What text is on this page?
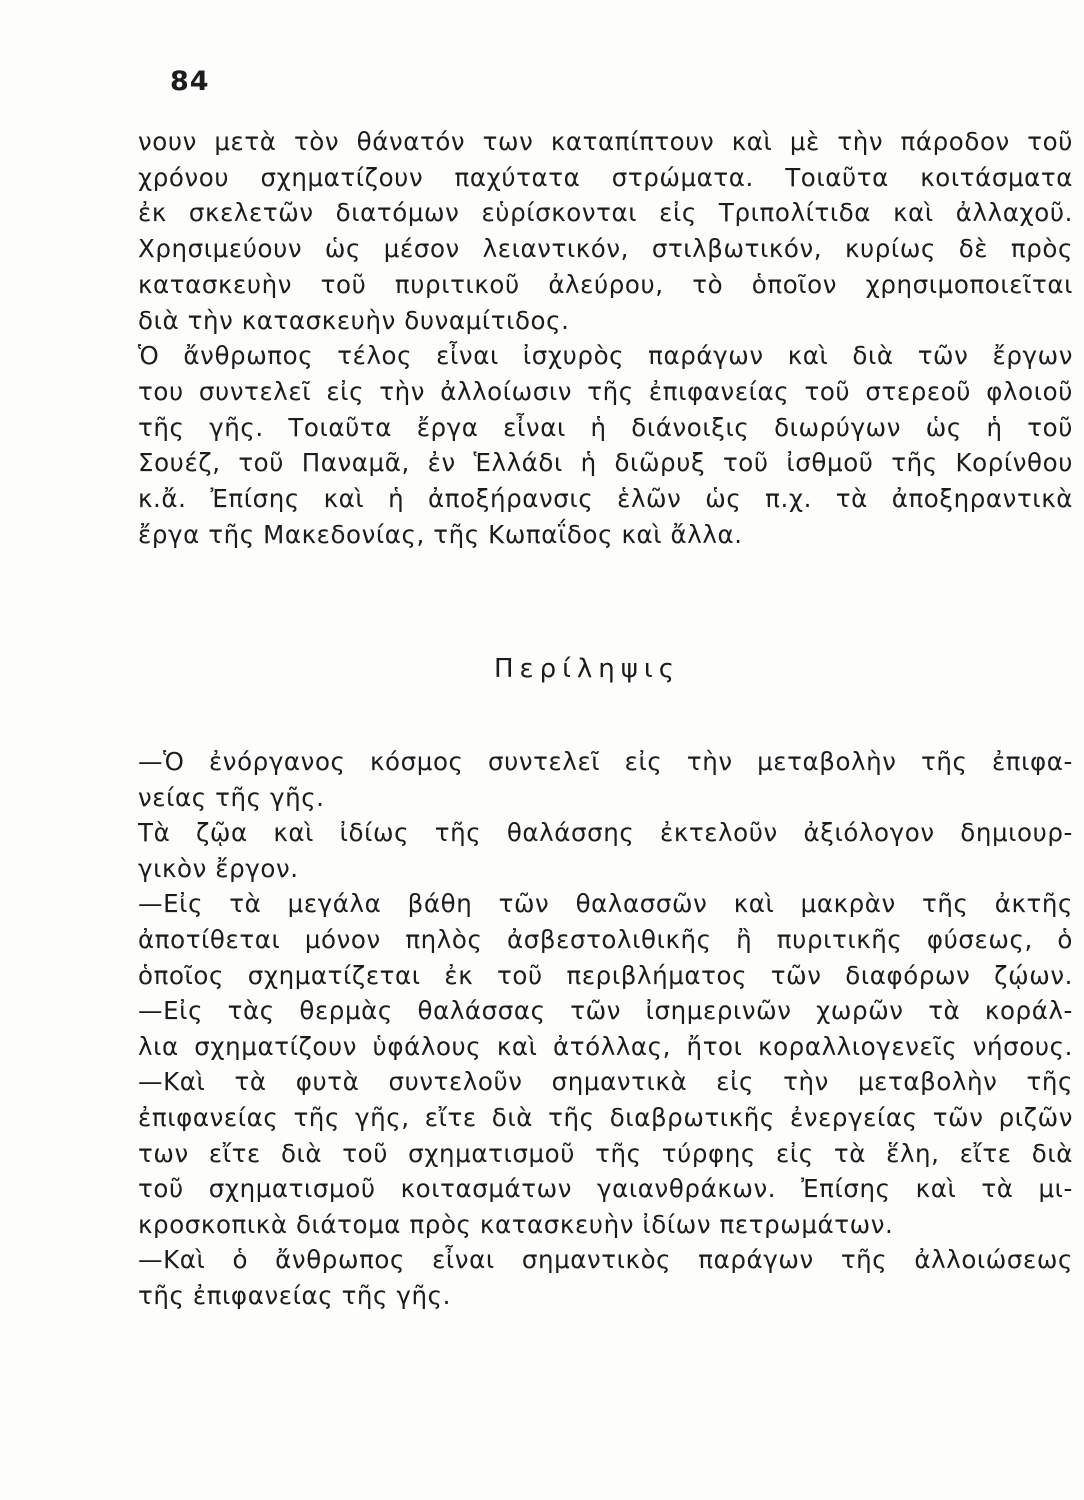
84
νουν μετὰ τὸν θάνατόν των καταπίπτουν καὶ μὲ τὴν πάροδον τοῦ
χρόνου σχηματίζουν παχύτατα στρώματα. Τοιαῦτα κοιτάσματα
ἐκ σκελετῶν διατόμων εὑρίσκονται εἰς Τριπολίτιδα καὶ ἀλλαχοῦ.
Χρησιμεύουν ὡς μέσον λειαντικόν, στιλβωτικόν, κυρίως δὲ πρὸς
κατασκευὴν τοῦ πυριτικοῦ ἀλεύρου, τὸ ὁποῖον χρησιμοποιεῖται
διὰ τὴν κατασκευὴν δυναμίτιδος.
Ὁ ἄνθρωπος τέλος εἶναι ἰσχυρὸς παράγων καὶ διὰ τῶν ἔργων
του συντελεῖ εἰς τὴν ἀλλοίωσιν τῆς ἐπιφανείας τοῦ στερεοῦ φλοιοῦ
τῆς γῆς. Τοιαῦτα ἔργα εἶναι ἡ διάνοιξις διωρύγων ὡς ἡ τοῦ
Σουέζ, τοῦ Παναμᾶ, ἐν Ἑλλάδι ἡ διῶρυξ τοῦ ἰσθμοῦ τῆς Κορίνθου
κ.ἄ. Ἐπίσης καὶ ἡ ἀποξήρανσις ἑλῶν ὡς π.χ. τὰ ἀποξηραντικὰ
ἔργα τῆς Μακεδονίας, τῆς Κωπαΐδος καὶ ἄλλα.
Περίληψις
—Ὁ ἐνόργανος κόσμος συντελεῖ εἰς τὴν μεταβολὴν τῆς ἐπιφα-
νείας τῆς γῆς.
Τὰ ζῷα καὶ ἰδίως τῆς θαλάσσης ἐκτελοῦν ἀξιόλογον δημιουρ-
γικὸν ἔργον.
—Εἰς τὰ μεγάλα βάθη τῶν θαλασσῶν καὶ μακρὰν τῆς ἀκτῆς
ἀποτίθεται μόνον πηλὸς ἀσβεστολιθικῆς ἢ πυριτικῆς φύσεως, ὁ
ὁποῖος σχηματίζεται ἐκ τοῦ περιβλήματος τῶν διαφόρων ζῴων.
—Εἰς τὰς θερμὰς θαλάσσας τῶν ἰσημερινῶν χωρῶν τὰ κοράλ-
λια σχηματίζουν ὑφάλους καὶ ἀτόλλας, ἤτοι κοραλλιογενεῖς νήσους.
—Καὶ τὰ φυτὰ συντελοῦν σημαντικὰ εἰς τὴν μεταβολὴν τῆς
ἐπιφανείας τῆς γῆς, εἴτε διὰ τῆς διαβρωτικῆς ἐνεργείας τῶν ριζῶν
των εἴτε διὰ τοῦ σχηματισμοῦ τῆς τύρφης εἰς τὰ ἕλη, εἴτε διὰ
τοῦ σχηματισμοῦ κοιτασμάτων γαιανθράκων. Ἐπίσης καὶ τὰ μι-
κροσκοπικὰ διάτομα πρὸς κατασκευὴν ἰδίων πετρωμάτων.
—Καὶ ὁ ἄνθρωπος εἶναι σημαντικὸς παράγων τῆς ἀλλοιώσεως
τῆς ἐπιφανείας τῆς γῆς.
